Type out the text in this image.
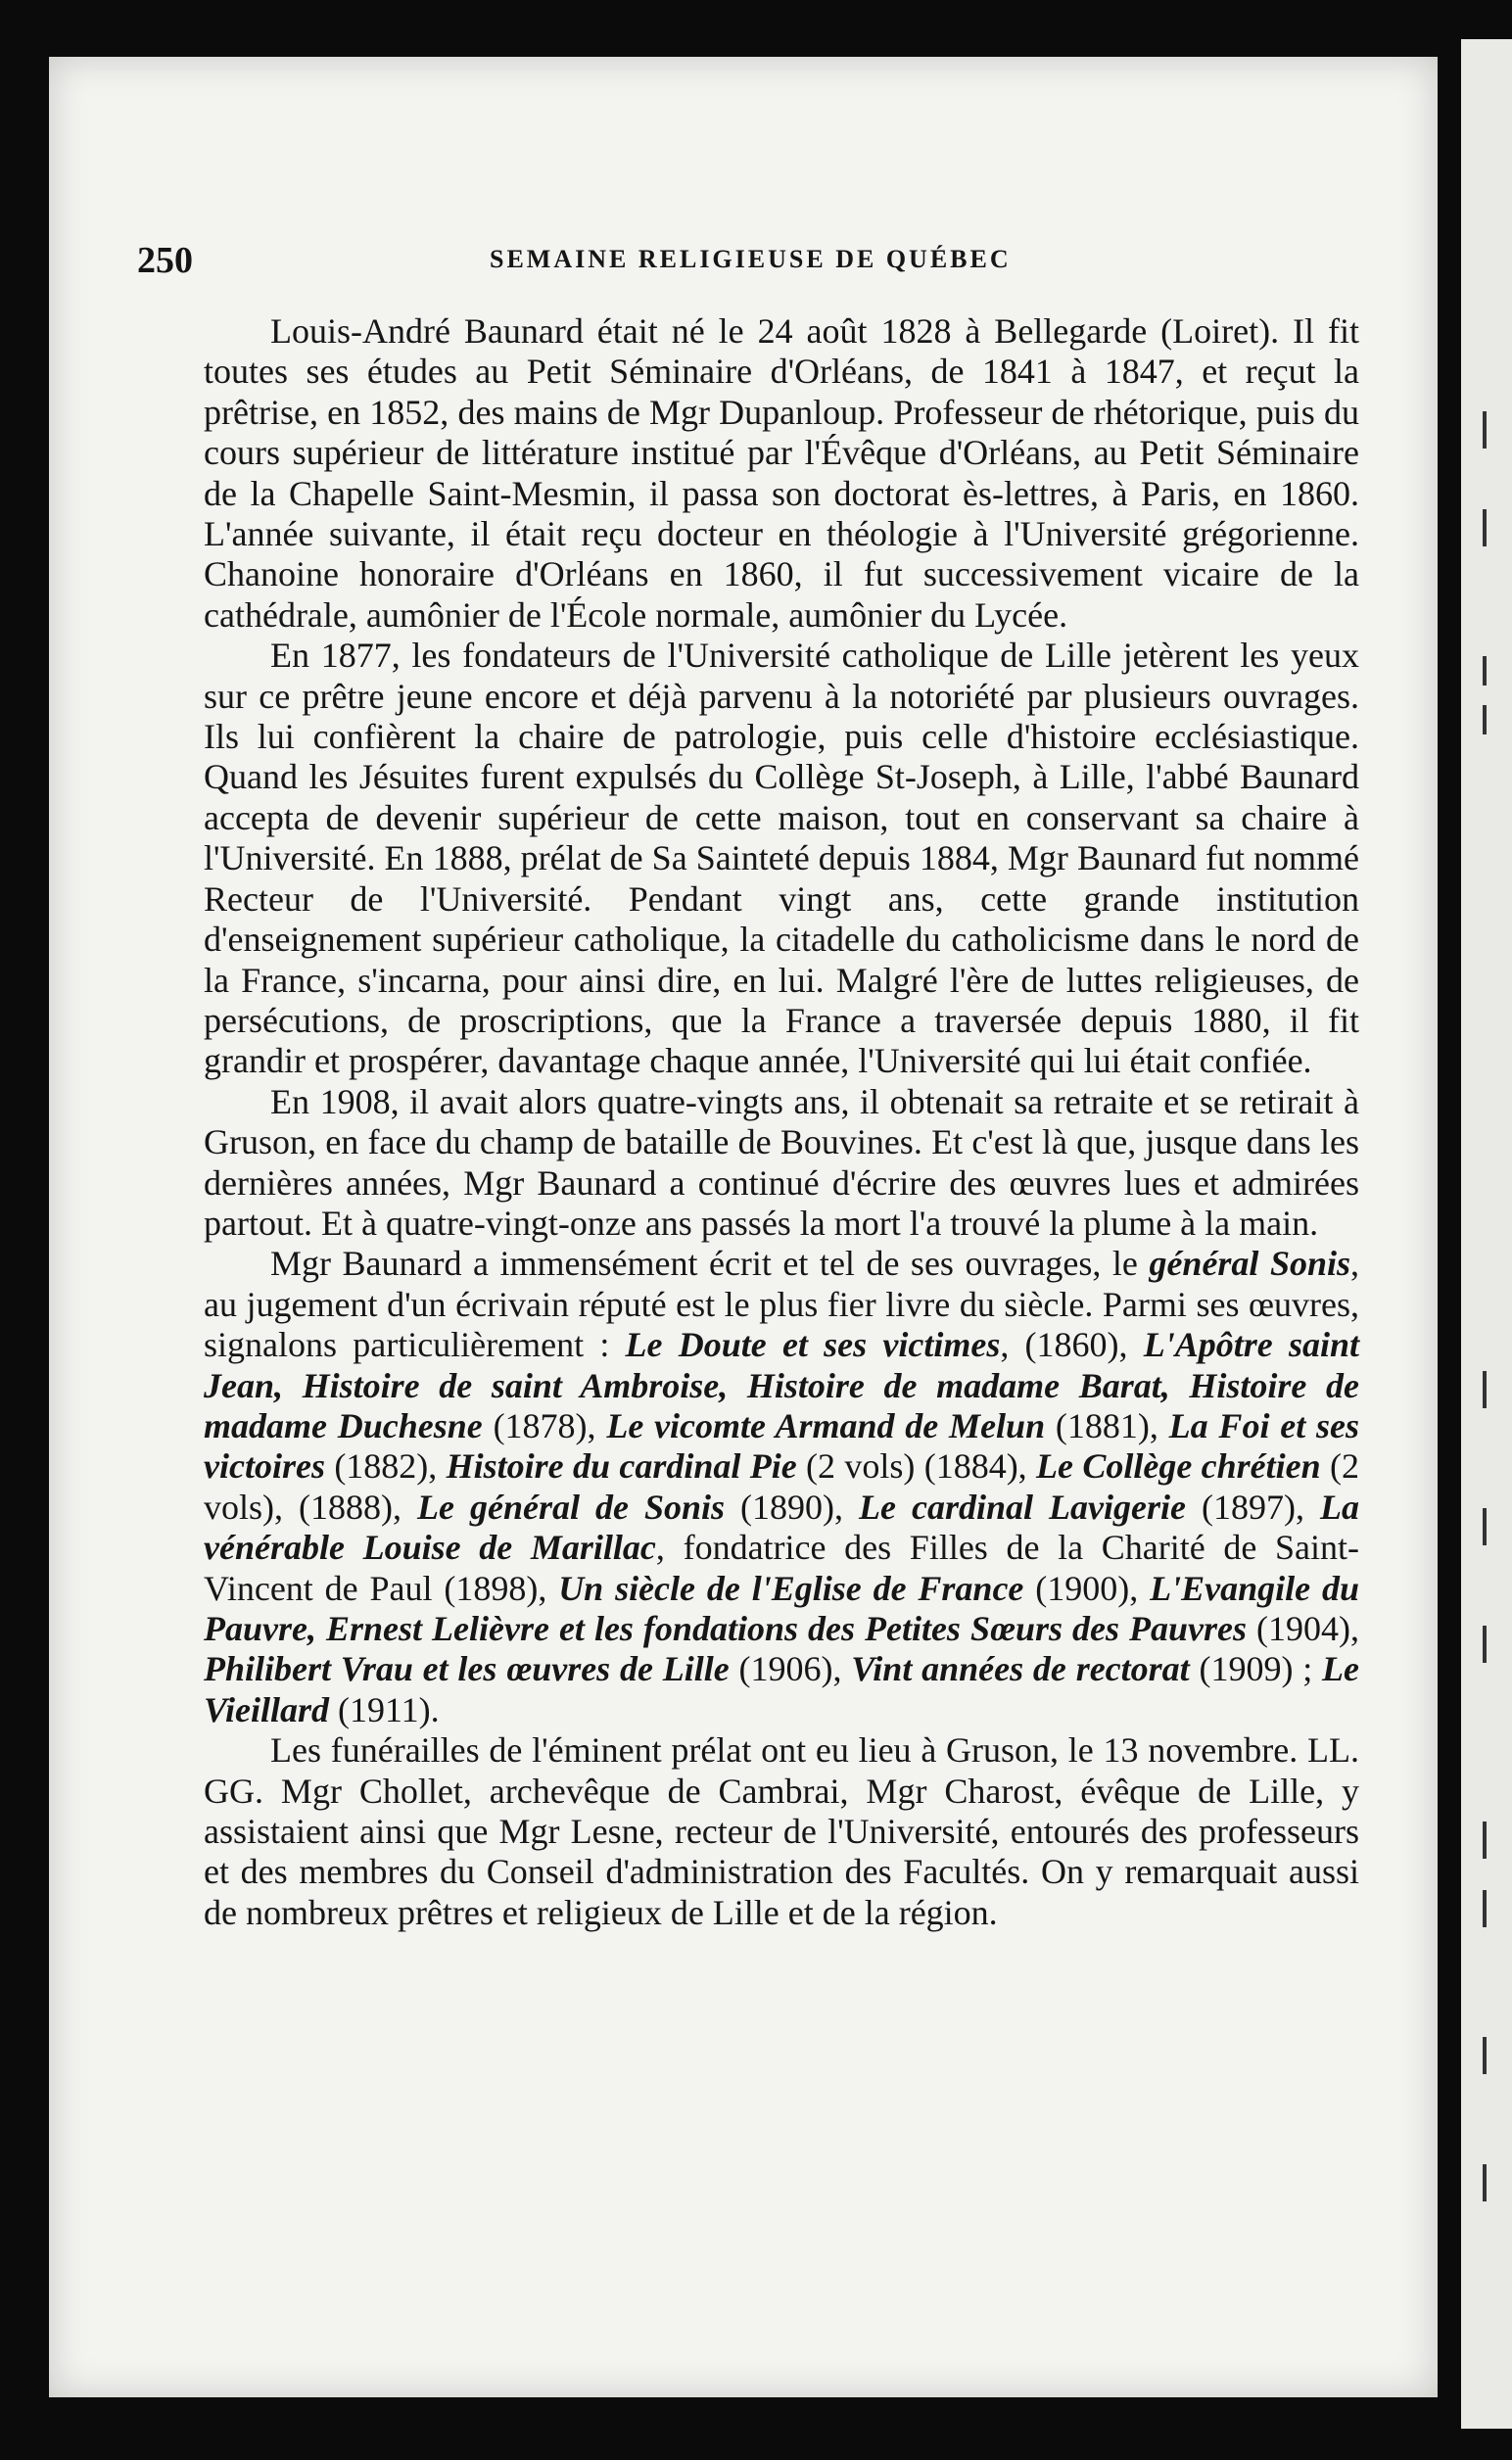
250	SEMAINE RELIGIEUSE DE QUÉBEC

Louis-André Baunard était né le 24 août 1828 à Bellegarde (Loiret). Il fit toutes ses études au Petit Séminaire d'Orléans, de 1841 à 1847, et reçut la prêtrise, en 1852, des mains de Mgr Dupanloup. Professeur de rhétorique, puis du cours supérieur de littérature institué par l'Évêque d'Orléans, au Petit Séminaire de la Chapelle Saint-Mesmin, il passa son doctorat ès-lettres, à Paris, en 1860. L'année suivante, il était reçu docteur en théologie à l'Université grégorienne. Chanoine honoraire d'Orléans en 1860, il fut successivement vicaire de la cathédrale, aumônier de l'École normale, aumônier du Lycée.

En 1877, les fondateurs de l'Université catholique de Lille jetèrent les yeux sur ce prêtre jeune encore et déjà parvenu à la notoriété par plusieurs ouvrages. Ils lui confièrent la chaire de patrologie, puis celle d'histoire ecclésiastique. Quand les Jésuites furent expulsés du Collège St-Joseph, à Lille, l'abbé Baunard accepta de devenir supérieur de cette maison, tout en conservant sa chaire à l'Université. En 1888, prélat de Sa Sainteté depuis 1884, Mgr Baunard fut nommé Recteur de l'Université. Pendant vingt ans, cette grande institution d'enseignement supérieur catholique, la citadelle du catholicisme dans le nord de la France, s'incarna, pour ainsi dire, en lui. Malgré l'ère de luttes religieuses, de persécutions, de proscriptions, que la France a traversée depuis 1880, il fit grandir et prospérer, davantage chaque année, l'Université qui lui était confiée.

En 1908, il avait alors quatre-vingts ans, il obtenait sa retraite et se retirait à Gruson, en face du champ de bataille de Bouvines. Et c'est là que, jusque dans les dernières années, Mgr Baunard a continué d'écrire des œuvres lues et admirées partout. Et à quatre-vingt-onze ans passés la mort l'a trouvé la plume à la main.

Mgr Baunard a immensément écrit et tel de ses ouvrages, le général Sonis, au jugement d'un écrivain réputé est le plus fier livre du siècle. Parmi ses œuvres, signalons particulièrement : Le Doute et ses victimes, (1860), L'Apôtre saint Jean, Histoire de saint Ambroise, Histoire de madame Barat, Histoire de madame Duchesne (1878), Le vicomte Armand de Melun (1881), La Foi et ses victoires (1882), Histoire du cardinal Pie (2 vols) (1884), Le Collège chrétien (2 vols), (1888), Le général de Sonis (1890), Le cardinal Lavigerie (1897), La vénérable Louise de Marillac, fondatrice des Filles de la Charité de Saint-Vincent de Paul (1898), Un siècle de l'Eglise de France (1900), L'Evangile du Pauvre, Ernest Lelièvre et les fondations des Petites Sœurs des Pauvres (1904), Philibert Vrau et les œuvres de Lille (1906), Vint années de rectorat (1909) ; Le Vieillard (1911).

Les funérailles de l'éminent prélat ont eu lieu à Gruson, le 13 novembre. LL. GG. Mgr Chollet, archevêque de Cambrai, Mgr Charost, évêque de Lille, y assistaient ainsi que Mgr Lesne, recteur de l'Université, entourés des professeurs et des membres du Conseil d'administration des Facultés. On y remarquait aussi de nombreux prêtres et religieux de Lille et de la région.
